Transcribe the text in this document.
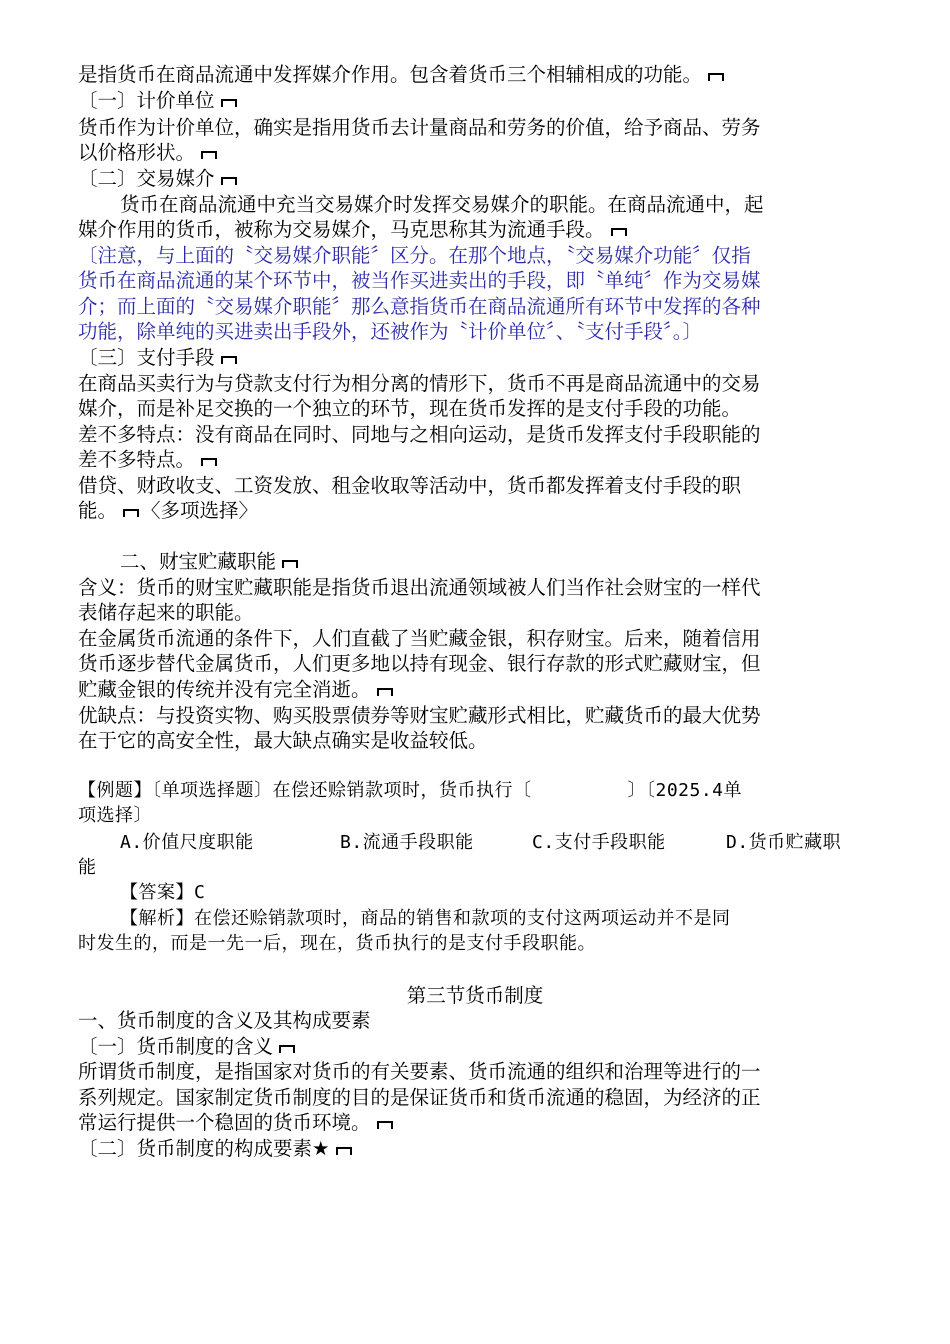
是指货币在商品流通中发挥媒介作用。包含着货币三个相辅相成的功能。
〔一〕计价单位
货币作为计价单位，确实是指用货币去计量商品和劳务的价值，给予商品、劳务
以价格形状。
〔二〕交易媒介
货币在商品流通中充当交易媒介时发挥交易媒介的职能。在商品流通中，起
媒介作用的货币，被称为交易媒介，马克思称其为流通手段。
〔注意，与上面的〝交易媒介职能〞区分。在那个地点，〝交易媒介功能〞仅指
货币在商品流通的某个环节中，被当作买进卖出的手段，即〝单纯〞作为交易媒
介；而上面的〝交易媒介职能〞那么意指货币在商品流通所有环节中发挥的各种
功能，除单纯的买进卖出手段外，还被作为〝计价单位〞、〝支付手段〞。〕
〔三〕支付手段
在商品买卖行为与贷款支付行为相分离的情形下，货币不再是商品流通中的交易
媒介，而是补足交换的一个独立的环节，现在货币发挥的是支付手段的功能。
差不多特点：没有商品在同时、同地与之相向运动，是货币发挥支付手段职能的
差不多特点。
借贷、财政收支、工资发放、租金收取等活动中，货币都发挥着支付手段的职
能。 〈多项选择〉
二、财宝贮藏职能
含义：货币的财宝贮藏职能是指货币退出流通领域被人们当作社会财宝的一样代
表储存起来的职能。
在金属货币流通的条件下，人们直截了当贮藏金银，积存财宝。后来，随着信用
货币逐步替代金属货币，人们更多地以持有现金、银行存款的形式贮藏财宝，但
贮藏金银的传统并没有完全消逝。
优缺点：与投资实物、购买股票债券等财宝贮藏形式相比，贮藏货币的最大优势
在于它的高安全性，最大缺点确实是收益较低。
【例题】〔单项选择题〕在偿还赊销款项时，货币执行〔	〕〔2025.4单
项选择〕
A.价值尺度职能	B.流通手段职能	C.支付手段职能	D.货币贮藏职
能
【答案】C
【解析】在偿还赊销款项时，商品的销售和款项的支付这两项运动并不是同
时发生的，而是一先一后，现在，货币执行的是支付手段职能。
第三节货币制度
一、货币制度的含义及其构成要素
〔一〕货币制度的含义
所谓货币制度，是指国家对货币的有关要素、货币流通的组织和治理等进行的一
系列规定。国家制定货币制度的目的是保证货币和货币流通的稳固，为经济的正
常运行提供一个稳固的货币环境。
〔二〕货币制度的构成要素★
